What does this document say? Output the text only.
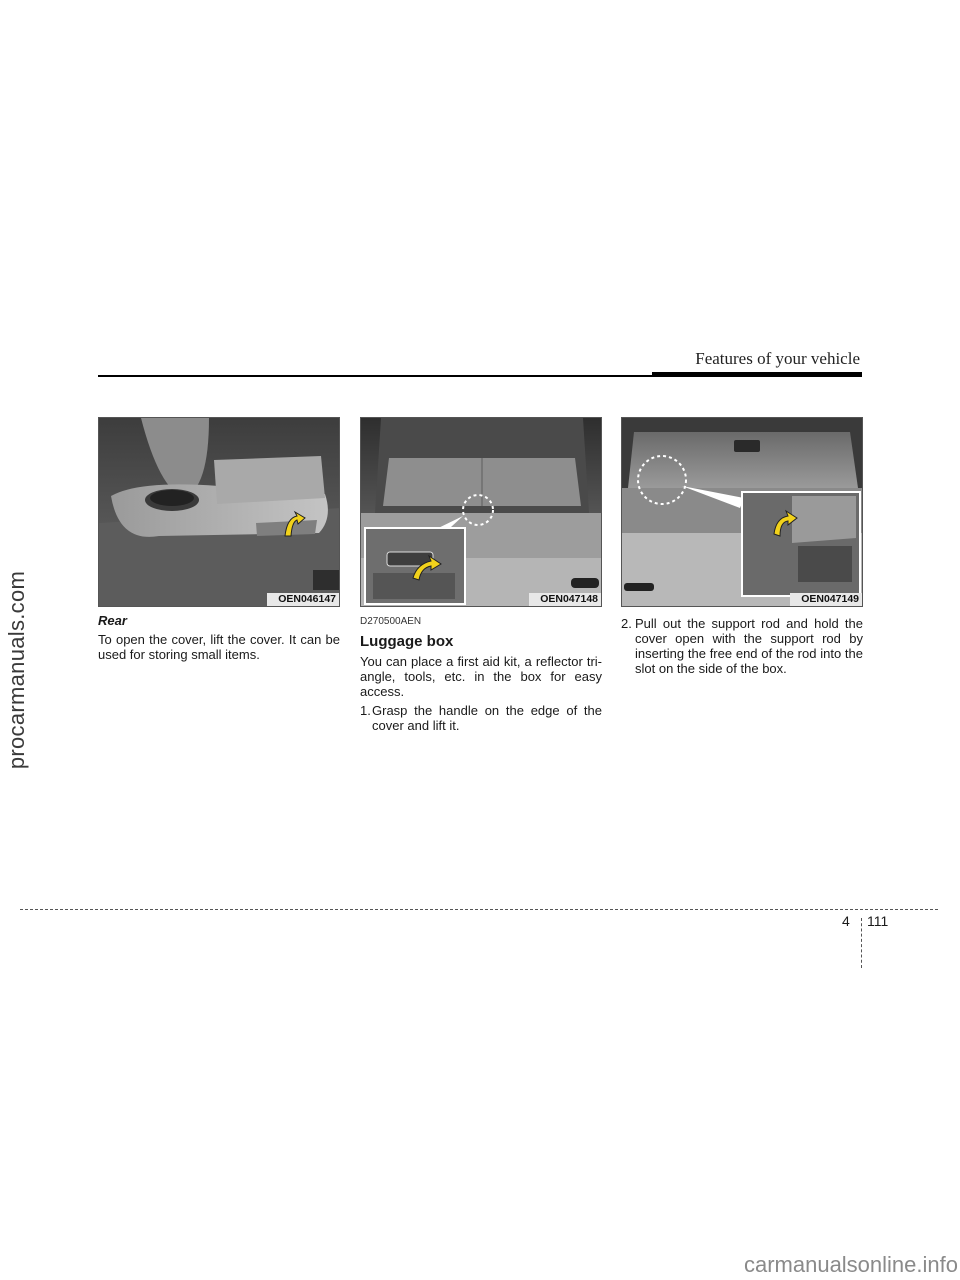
procarmanuals.com
Features of your vehicle
OEN046147
Rear
To open the cover, lift the cover. It can be used for storing small items.
OEN047148
D270500AEN
Luggage box
You can place a first aid kit, a reflector tri-angle, tools, etc. in the box for easy access.
1. Grasp the handle on the edge of the cover and lift it.
OEN047149
2. Pull out the support rod and hold the cover open with the support rod by inserting the free end of the rod into the slot on the side of the box.
4 111
carmanualsonline.info
